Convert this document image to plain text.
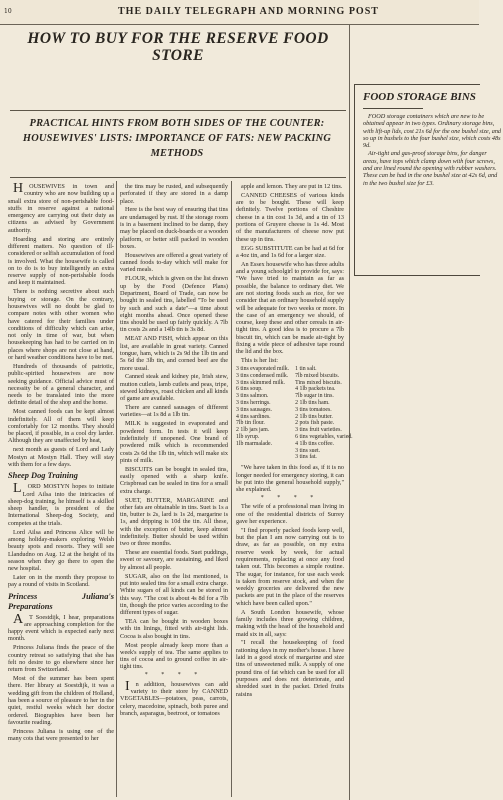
10	THE DAILY TELEGRAPH AND MORNING POST
HOW TO BUY FOR THE RESERVE FOOD STORE
PRACTICAL HINTS FROM BOTH SIDES OF THE COUNTER: HOUSEWIVES' LISTS: IMPORTANCE OF FATS: NEW PACKING METHODS

HOUSEWIVES in town and country who are now building up a small extra store of non-perishable food-stuffs in reserve against a national emergency are carrying out their duty as citizens as advised by Government authority.

Hoarding and storing are entirely different matters. No question of ill-considered or selfish accumulation of food is involved. What the housewife is called on to do is to buy intelligently an extra reserve supply of non-perishable foods and keep it maintained.

There is nothing secretive about such buying or storage. On the contrary, housewives will no doubt be glad to compare notes with other women who have catered for their families under conditions of difficulty which can arise, not only in time of war, but when housekeeping has had to be carried on in places where shops are not close at hand, or hard weather conditions have to be met.

Hundreds of thousands of patriotic, public-spirited housewives are now seeking guidance. Official advice must of necessity be of a general character, and needs to be translated into the more definite detail of the shop and the home.

Most canned foods can be kept almost indefinitely. All of them will keep comfortably for 12 months. They should be placed, if possible, in a cool dry larder. Although they are unaffected by heat,

next month as guests of Lord and Lady Mostyn at Mostyn Hall. They will stay with them for a few days.

Sheep Dog Training

LORD MOSTYN hopes to initiate Lord Ailsa into the intricacies of sheep-dog training, he himself is a skilled sheep handler, is president of the International Sheep-dog Society, and competes at the trials.

Lord Ailsa and Princess Alice will be among holiday-makers exploring Welsh beauty spots and resorts. They will see Llandudno on Aug. 12 at the height of its season when they go there to open the new hospital.

Later on in the month they propose to pay a round of visits in Scotland.

Princess Juliana's Preparations

AT Soestdijk, I hear, preparations are approaching completion for the happy event which is expected early next month.

Princess Juliana finds the peace of the country retreat so satisfying that she has felt no desire to go elsewhere since her return from Switzerland.

Most of the summer has been spent there. Her library at Soestdijk, it was a wedding gift from the children of Holland, has been a source of pleasure to her in the quiet, restful weeks which her doctor ordered. Biographies have been her favourite reading.

Princess Juliana is using one of the many cots that were presented to her

the tins may be rusted, and subsequently perforated if they are stored in a damp place.

Here is the best way of ensuring that tins are undamaged by rust. If the storage room is in a basement inclined to be damp, they may be placed on duck-boards or a wooden platform, or better still packed in wooden boxes.

Housewives are offered a great variety of canned foods to-day which will make for varied meals.

FLOUR, which is given on the list drawn up by the Food (Defence Plans) Department, Board of Trade, can now be bought in sealed tins, labelled "To be used by such and such a date"—a time about eight months ahead. Once opened these tins should be used up fairly quickly. A 7lb tin costs 2s and a 14lb tin is 3s 8d.

MEAT AND FISH, which appear on this list, are available in great variety. Canned tongue, ham, which is 2s 9d the 1lb tin and 5s 6d the 3lb tin, and corned beef are the more usual.

Canned steak and kidney pie, Irish stew, mutton cutlets, lamb cutlets and peas, tripe, stewed kidneys, roast chicken and all kinds of game are available.

There are canned sausages of different varieties—at 1s 8d a 1lb tin.

MILK is suggested in evaporated and powdered form. In tests it will keep indefinitely if unopened. One brand of powdered milk which is recommended costs 2s 6d the 1lb tin, which will make six pints of milk.

BISCUITS can be bought in sealed tins, easily opened with a sharp knife. Crispbread can be sealed in tins for a small extra charge.

SUET, BUTTER, MARGARINE and other fats are obtainable in tins. Suet is 1s a tin, butter is 2s, lard is 1s 2d, margarine is 1s, and dripping is 10d the tin. All these, with the exception of butter, keep almost indefinitely. Butter should be used within two or three months.

These are essential foods. Suet puddings, sweet or savoury, are sustaining, and liked by almost all people.

SUGAR, also on the list mentioned, is put into sealed tins for a small extra charge. White sugars of all kinds can be stored in this way. "The cost is about 4s 8d for a 7lb tin, though the price varies according to the different types of sugar.

TEA can be bought in wooden boxes with tin linings, fitted with air-tight lids. Cocoa is also bought in tins.

Most people already keep more than a week's supply of tea. The same applies to tins of cocoa and to ground coffee in air-tight tins.

* * * *

In addition, housewives can add variety to their store by CANNED VEGETABLES—potatoes, peas, carrots, celery, macedoine, spinach, both puree and branch, asparagus, beetroot, or tomatoes

apple and lemon. They are put in 12 tins.

CANNED CHEESES of various kinds are to be bought. These will keep definitely. Twelve portions of Cheshire cheese in a tin cost 1s 3d, and a tin of 13 portions of Gruyere cheese is 1s 4d. Most of the manufacturers of cheese now put these up in tins.

EGG SUBSTITUTE can be had at 6d for a 4oz tin, and 1s 6d for a larger size.

An Essex housewife who has three adults and a young schoolgirl to provide for, says: "We have tried to maintain as far as possible, the balance to ordinary diet. We are not storing foods such as rice, for we consider that an ordinary household supply will be adequate for two weeks or more. In the case of an emergency we should, of course, keep these and other cereals in air-tight tins. A good idea is to procure a 7lb biscuit tin, which can be made air-tight by fixing a wide piece of adhesive tape round the lid and the box.

This is her list:

3 tins evaporated milk.
3 tins condensed milk.
3 tins skimmed milk.
6 tins soup.
3 tins salmon.
3 tins herrings.
3 tins sausages.
4 tins sardines.
7lb tin flour.
2 1lb jars jam.
1lb syrup.
1lb marmalade.
1 tin salt.
7lb mixed biscuits.
Tins mixed biscuits.
4 1lb packets tea.
7lb sugar in tins.
2 1lb tins ham.
3 tins tomatoes.
2 1lb tins butter.
2 pots fish paste.
3 tins fruit varieties.
6 tins vegetables, varied.
4 1lb tins coffee.
3 tins suet.
3 tins fat.

"We have taken in this food as, if it is no longer needed for emergency storing, it can be put into the general household supply," she explained.

* * * *

The wife of a professional man living in one of the residential districts of Surrey gave her experience.

"I find properly packed foods keep well, but the plan I am now carrying out is to draw, as far as possible, on my extra reserve week by week, for actual requirements, replacing at once any food taken out. This becomes a simple routine. The sugar, for instance, for use each week is taken from reserve stock, and when the weekly groceries are delivered the new packets are put in the place of the reserves which have been called upon."

A South London housewife, whose family includes three growing children, making with the head of the household and maid six in all, says:

"I recall the housekeeping of food rationing days in my mother's house. I have laid in a good stock of margarine and size tins of unsweetened milk. A supply of one pound tins of fat which can be used for all purposes and does not deteriorate, and shredded suet in the packet. Dried fruits raisins

FOOD STORAGE BINS

FOOD storage containers which are new to be obtained appear in two types. Ordinary storage bins, with lift-up lids, cost 21s 6d for the one bushel size, and so up in bushels to the four bushel size, which costs 48s 9d.

Air-tight and gas-proof storage bins, for danger areas, have tops which clamp down with four screws, and are lined round the opening with rubber washers. These can be had in the one bushel size at 42s 6d, and in the two bushel size for £3.
